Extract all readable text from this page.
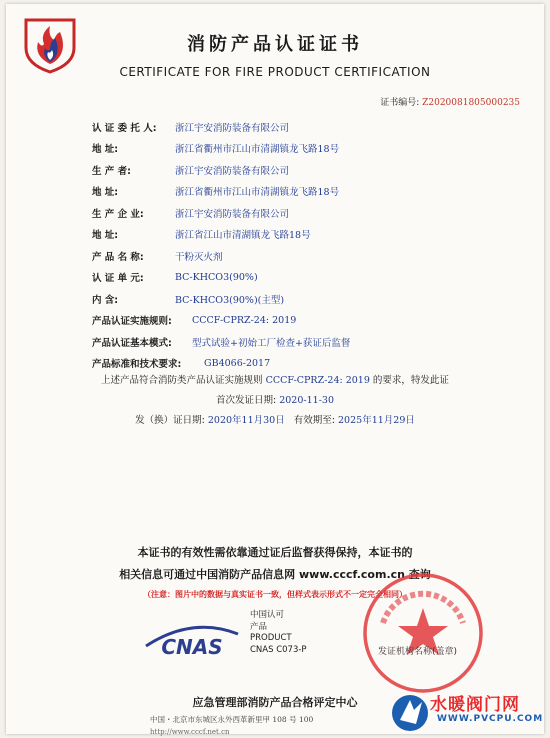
消防产品认证证书
CERTIFICATE FOR FIRE PRODUCT CERTIFICATION
证书编号: Z2020081805000235
认 证 委 托 人:	浙江宇安消防装备有限公司
地 址:	浙江省衢州市江山市清湖镇龙飞路18号
生 产 者:	浙江宇安消防装备有限公司
地 址:	浙江省衢州市江山市清湖镇龙飞路18号
生 产 企 业:	浙江宇安消防装备有限公司
地 址:	浙江省江山市清湖镇龙飞路18号
产 品 名 称:	干粉灭火剂
认 证 单 元:	BC-KHCO3(90%)
内 含:	BC-KHCO3(90%)(主型)
产品认证实施规则:	CCCF-CPRZ-24: 2019
产品认证基本模式:	型式试验+初始工厂检查+获证后监督
产品标准和技术要求:	GB4066-2017
上述产品符合消防类产品认证实施规则 CCCF-CPRZ-24: 2019 的要求，特发此证
首次发证日期: 2020-11-30
发（换）证日期: 2020年11月30日 有效期至: 2025年11月29日
本证书的有效性需依靠通过证后监督获得保持，本证书的
相关信息可通过中国消防产品信息网 www.cccf.com.cn 查询
（注意：图片中的数据与真实证书一致，但样式表示形式不一定完全相同）
CNAS
中国认可
产品
PRODUCT
CNAS C073-P	发证机构名称(盖章)
应急管理部消防产品合格评定中心
中国・北京市东城区永外西革新里甲 108 号 100
http://www.cccf.net.cn
水暖阀门网
WWW.PVCPU.COM
